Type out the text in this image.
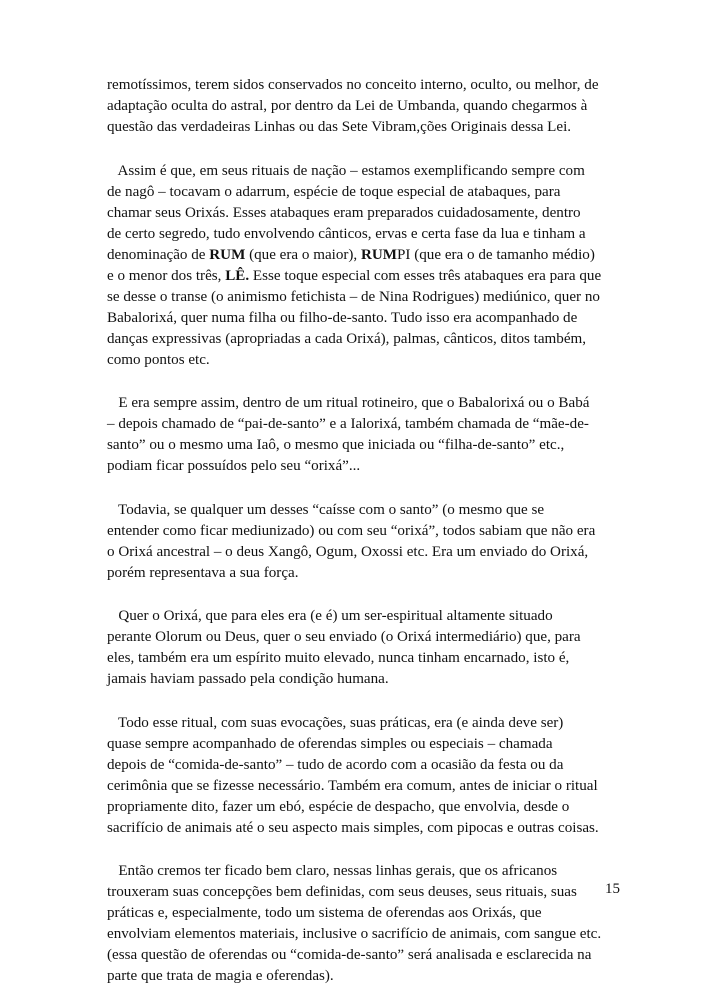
remotíssimos, terem sidos conservados no conceito interno, oculto, ou melhor, de
adaptação oculta do astral, por dentro da Lei de Umbanda, quando chegarmos à
questão das verdadeiras Linhas ou das Sete Vibram,ções Originais dessa Lei.
Assim é que, em seus rituais de nação – estamos exemplificando sempre com
de nagô – tocavam o adarrum, espécie de toque especial de atabaques, para
chamar seus Orixás. Esses atabaques eram preparados cuidadosamente, dentro
de certo segredo, tudo envolvendo cânticos, ervas e certa fase da lua e tinham a
denominação de RUM (que era o maior), RUMPI (que era o de tamanho médio)
e o menor dos três, LÊ. Esse toque especial com esses três atabaques era para que
se desse o transe (o animismo fetichista – de Nina Rodrigues) mediúnico, quer no
Babalorixá, quer numa filha ou filho-de-santo. Tudo isso era acompanhado de
danças expressivas (apropriadas a cada Orixá), palmas, cânticos, ditos também,
como pontos etc.
E era sempre assim, dentro de um ritual rotineiro, que o Babalorixá ou o Babá
– depois chamado de “pai-de-santo” e a Ialorixá, também chamada de “mãe-de-
santo” ou o mesmo uma Iaô, o mesmo que iniciada ou “filha-de-santo” etc.,
podiam ficar possuídos pelo seu “orixá”...
Todavia, se qualquer um desses “caísse com o santo” (o mesmo que se
entender como ficar mediunizado) ou com seu “orixá”, todos sabiam que não era
o Orixá ancestral – o deus Xangô, Ogum, Oxossi etc. Era um enviado do Orixá,
porém representava a sua força.
Quer o Orixá, que para eles era (e é) um ser-espiritual altamente situado
perante Olorum ou Deus, quer o seu enviado (o Orixá intermediário) que, para
eles, também era um espírito muito elevado, nunca tinham encarnado, isto é,
jamais haviam passado pela condição humana.
Todo esse ritual, com suas evocações, suas práticas, era (e ainda deve ser)
quase sempre acompanhado de oferendas simples ou especiais – chamada
depois de “comida-de-santo” – tudo de acordo com a ocasião da festa ou da
cerimônia que se fizesse necessário. Também era comum, antes de iniciar o ritual
propriamente dito, fazer um ebó, espécie de despacho, que envolvia, desde o
sacrifício de animais até o seu aspecto mais simples, com pipocas e outras coisas.
Então cremos ter ficado bem claro, nessas linhas gerais, que os africanos
trouxeram suas concepções bem definidas, com seus deuses, seus rituais, suas
práticas e, especialmente, todo um sistema de oferendas aos Orixás, que
envolviam elementos materiais, inclusive o sacrifício de animais, com sangue etc.
(essa questão de oferendas ou “comida-de-santo” será analisada e esclarecida na
parte que trata de magia e oferendas).
15
